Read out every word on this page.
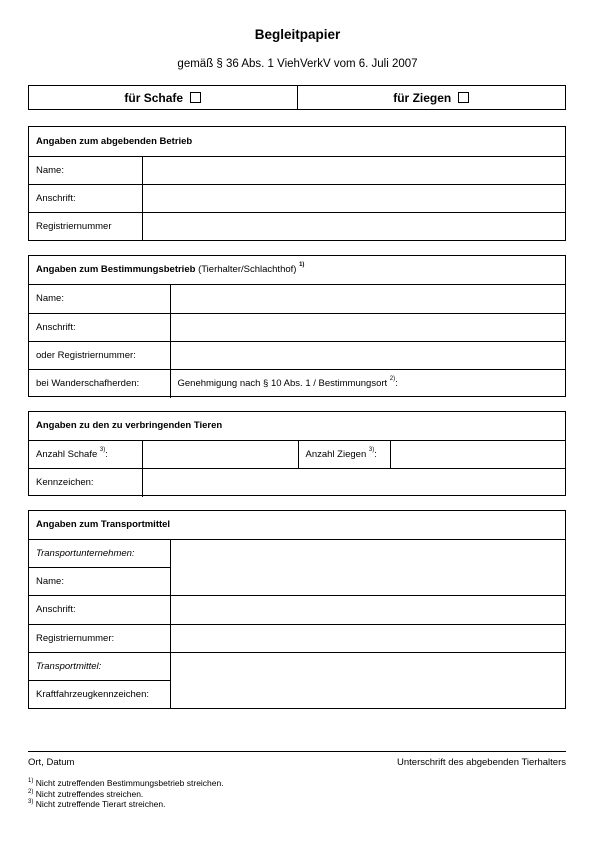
Begleitpapier
gemäß § 36 Abs. 1 ViehVerkV vom 6. Juli 2007
für Schafe	für Ziegen
Angaben zum abgebenden Betrieb	
Name:	
Anschrift:	
Registriernummer	
Angaben zum Bestimmungsbetrieb (Tierhalter/Schlachthof) $^{1)}$
Name:	
Anschrift:	
oder Registriernummer:	
bei Wanderschafherden:	Genehmigung nach § 10 Abs. 1 / Bestimmungsort $^{2)}$:
Angaben zu den zu verbringenden Tieren			
Anzahl Schafe $^{3)}$:		Anzahl Ziegen $^{3)}$:	
Kennzeichen:			
Angaben zum Transportmittel	
Transportunternehmen:	
Name:	
Anschrift:	
Registriernummer:	
Transportmittel:	
Kraftfahrzeugkennzeichen:	
Ort, Datum	Unterschrift des abgebenden Tierhalters
$^{1)}$ Nicht zutreffenden Bestimmungsbetrieb streichen.
$^{2)}$ Nicht zutreffendes streichen.
$^{3)}$ Nicht zutreffende Tierart streichen.
